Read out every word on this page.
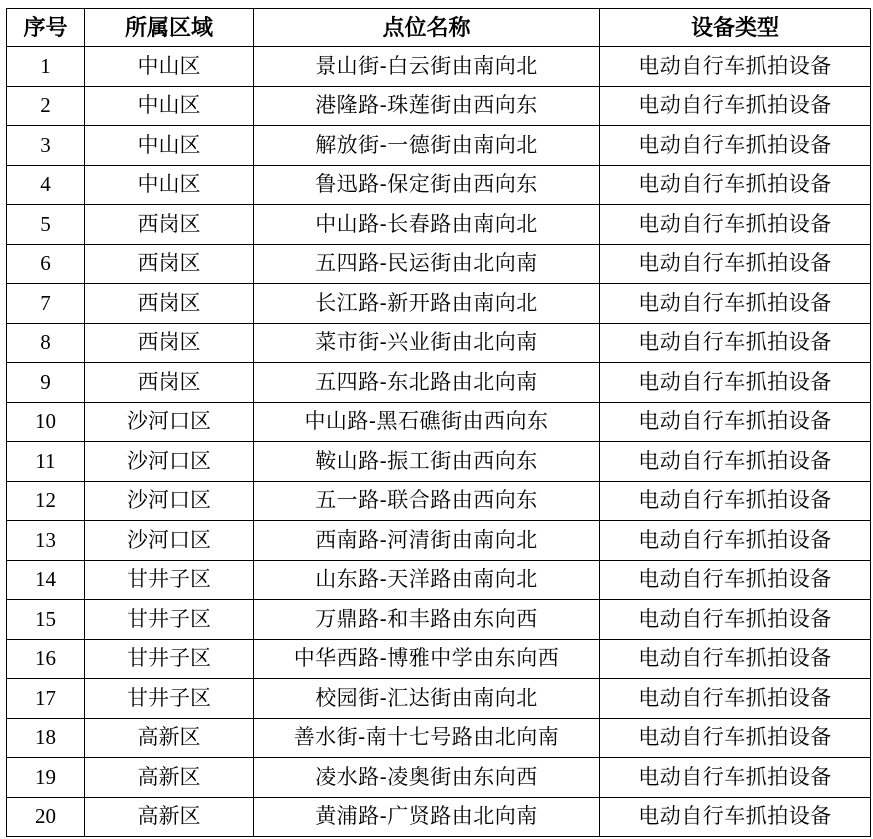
序号	所属区域	点位名称	设备类型
1	中山区	景山街-白云街由南向北	电动自行车抓拍设备
2	中山区	港隆路-珠莲街由西向东	电动自行车抓拍设备
3	中山区	解放街-一德街由南向北	电动自行车抓拍设备
4	中山区	鲁迅路-保定街由西向东	电动自行车抓拍设备
5	西岗区	中山路-长春路由南向北	电动自行车抓拍设备
6	西岗区	五四路-民运街由北向南	电动自行车抓拍设备
7	西岗区	长江路-新开路由南向北	电动自行车抓拍设备
8	西岗区	菜市街-兴业街由北向南	电动自行车抓拍设备
9	西岗区	五四路-东北路由北向南	电动自行车抓拍设备
10	沙河口区	中山路-黑石礁街由西向东	电动自行车抓拍设备
11	沙河口区	鞍山路-振工街由西向东	电动自行车抓拍设备
12	沙河口区	五一路-联合路由西向东	电动自行车抓拍设备
13	沙河口区	西南路-河清街由南向北	电动自行车抓拍设备
14	甘井子区	山东路-天洋路由南向北	电动自行车抓拍设备
15	甘井子区	万鼎路-和丰路由东向西	电动自行车抓拍设备
16	甘井子区	中华西路-博雅中学由东向西	电动自行车抓拍设备
17	甘井子区	校园街-汇达街由南向北	电动自行车抓拍设备
18	高新区	善水街-南十七号路由北向南	电动自行车抓拍设备
19	高新区	凌水路-凌奥街由东向西	电动自行车抓拍设备
20	高新区	黄浦路-广贤路由北向南	电动自行车抓拍设备
